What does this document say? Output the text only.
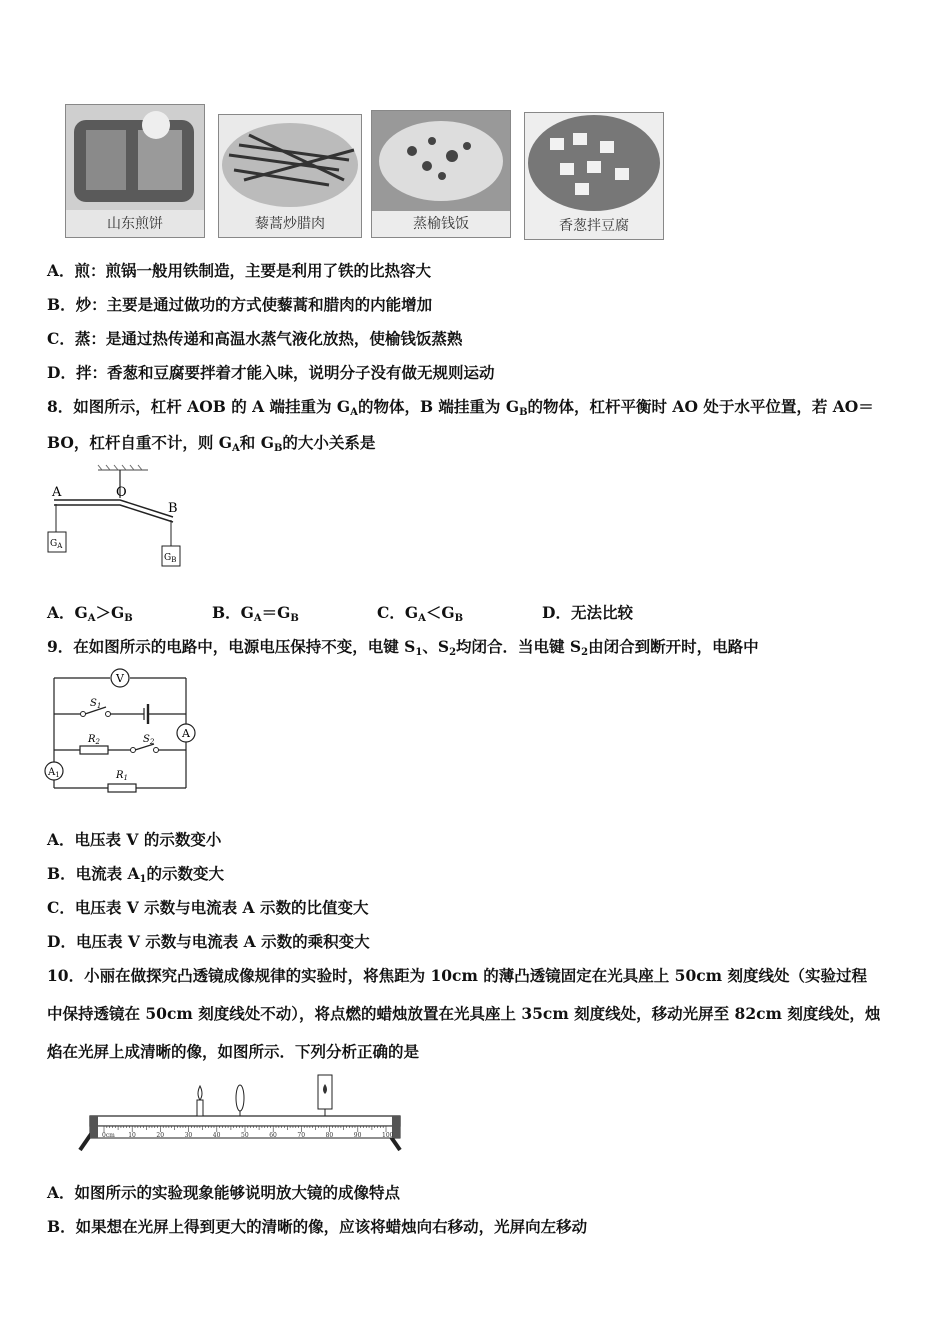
山东煎饼	藜蒿炒腊肉	蒸榆钱饭	香葱拌豆腐
A．煎：煎锅一般用铁制造，主要是利用了铁的比热容大
B．炒：主要是通过做功的方式使藜蒿和腊肉的内能增加
C．蒸：是通过热传递和高温水蒸气液化放热，使榆钱饭蒸熟
D．拌：香葱和豆腐要拌着才能入味，说明分子没有做无规则运动
8．如图所示，杠杆 AOB 的 A 端挂重为 $G_A$的物体，B 端挂重为 $G_B$的物体，杠杆平衡时 AO 处于水平位置，若 AO＝
BO，杠杆自重不计，则 $G_A$和 $G_B$的大小关系是
A	O
B
$G_A$
$G_B$
A．$G_A>G_B$	B．$G_A=G_B$	C．$G_A<G_B$	D．无法比较
9．在如图所示的电路中，电源电压保持不变，电键 $S_1$、$S_2$均闭合．当电键 $S_2$由闭合到断开时，电路中
V
A
$A_1$
$S_1$
$S_2$
$R_2$
$R_1$
A．电压表 V 的示数变小
B．电流表 $A_1$的示数变大
C．电压表 V 示数与电流表 A 示数的比值变大
D．电压表 V 示数与电流表 A 示数的乘积变大
10．小丽在做探究凸透镜成像规律的实验时，将焦距为 10cm 的薄凸透镜固定在光具座上 50cm 刻度线处（实验过程
中保持透镜在 50cm 刻度线处不动），将点燃的蜡烛放置在光具座上 35cm 刻度线处，移动光屏至 82cm 刻度线处，烛
焰在光屏上成清晰的像，如图所示．下列分析正确的是
0cm 10	20	30	40	50	60	70	80	90	100
A．如图所示的实验现象能够说明放大镜的成像特点
B．如果想在光屏上得到更大的清晰的像，应该将蜡烛向右移动，光屏向左移动
